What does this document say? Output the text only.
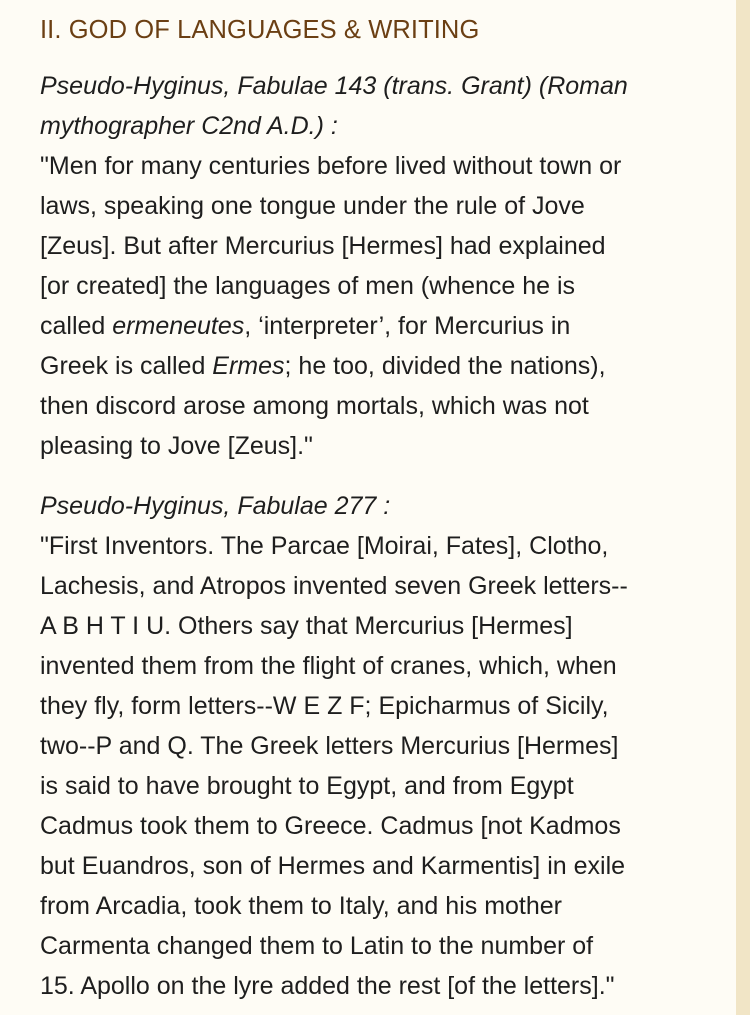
II. GOD OF LANGUAGES & WRITING
Pseudo-Hyginus, Fabulae 143 (trans. Grant) (Roman
mythographer C2nd A.D.) :
"Men for many centuries before lived without town or
laws, speaking one tongue under the rule of Jove
[Zeus]. But after Mercurius [Hermes] had explained
[or created] the languages of men (whence he is
called ermeneutes, ‘interpreter’, for Mercurius in
Greek is called Ermes; he too, divided the nations),
then discord arose among mortals, which was not
pleasing to Jove [Zeus]."
Pseudo-Hyginus, Fabulae 277 :
"First Inventors. The Parcae [Moirai, Fates], Clotho,
Lachesis, and Atropos invented seven Greek letters--
A B H T I U. Others say that Mercurius [Hermes]
invented them from the flight of cranes, which, when
they fly, form letters--W E Z F; Epicharmus of Sicily,
two--P and Q. The Greek letters Mercurius [Hermes]
is said to have brought to Egypt, and from Egypt
Cadmus took them to Greece. Cadmus [not Kadmos
but Euandros, son of Hermes and Karmentis] in exile
from Arcadia, took them to Italy, and his mother
Carmenta changed them to Latin to the number of
15. Apollo on the lyre added the rest [of the letters]."
